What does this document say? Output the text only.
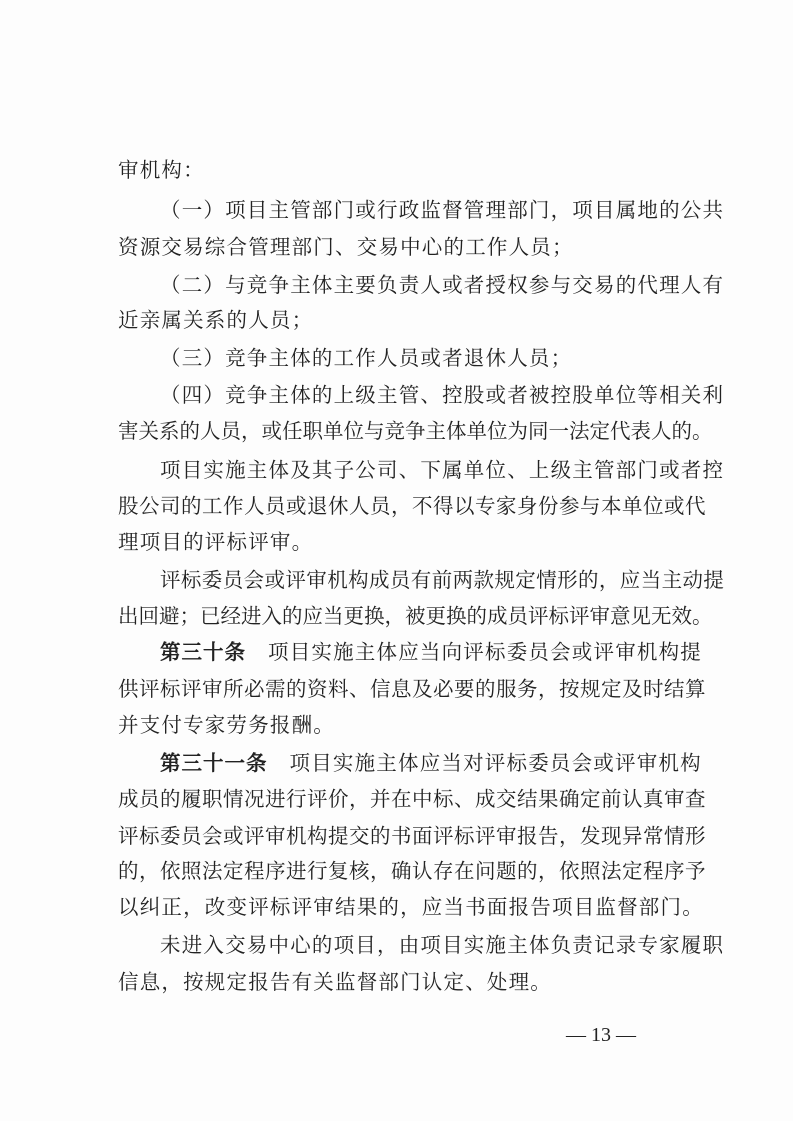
审机构：
（一）项目主管部门或行政监督管理部门，项目属地的公共
资源交易综合管理部门、交易中心的工作人员；
（二）与竞争主体主要负责人或者授权参与交易的代理人有
近亲属关系的人员；
（三）竞争主体的工作人员或者退休人员；
（四）竞争主体的上级主管、控股或者被控股单位等相关利
害关系的人员，或任职单位与竞争主体单位为同一法定代表人的。
项目实施主体及其子公司、下属单位、上级主管部门或者控
股公司的工作人员或退休人员，不得以专家身份参与本单位或代
理项目的评标评审。
评标委员会或评审机构成员有前两款规定情形的，应当主动提
出回避；已经进入的应当更换，被更换的成员评标评审意见无效。
第三十条 项目实施主体应当向评标委员会或评审机构提
供评标评审所必需的资料、信息及必要的服务，按规定及时结算
并支付专家劳务报酬。
第三十一条 项目实施主体应当对评标委员会或评审机构
成员的履职情况进行评价，并在中标、成交结果确定前认真审查
评标委员会或评审机构提交的书面评标评审报告，发现异常情形
的，依照法定程序进行复核，确认存在问题的，依照法定程序予
以纠正，改变评标评审结果的，应当书面报告项目监督部门。
未进入交易中心的项目，由项目实施主体负责记录专家履职
信息，按规定报告有关监督部门认定、处理。
— 13 —
